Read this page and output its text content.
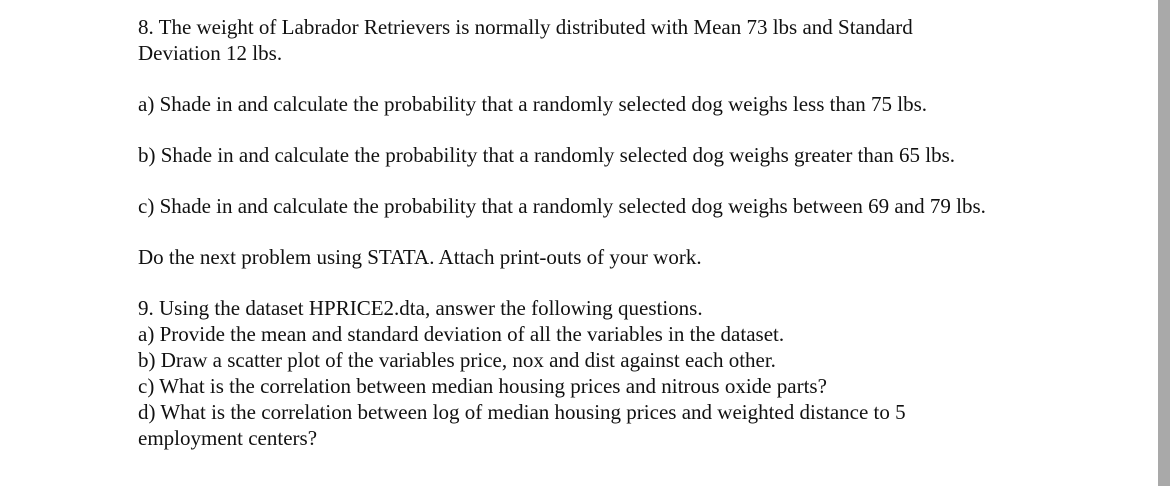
8. The weight of Labrador Retrievers is normally distributed with Mean 73 lbs and Standard
Deviation 12 lbs.
a) Shade in and calculate the probability that a randomly selected dog weighs less than 75 lbs.
b) Shade in and calculate the probability that a randomly selected dog weighs greater than 65 lbs.
c) Shade in and calculate the probability that a randomly selected dog weighs between 69 and 79 lbs.
Do the next problem using STATA. Attach print-outs of your work.
9. Using the dataset HPRICE2.dta, answer the following questions.
a) Provide the mean and standard deviation of all the variables in the dataset.
b) Draw a scatter plot of the variables price, nox and dist against each other.
c) What is the correlation between median housing prices and nitrous oxide parts?
d) What is the correlation between log of median housing prices and weighted distance to 5
employment centers?
